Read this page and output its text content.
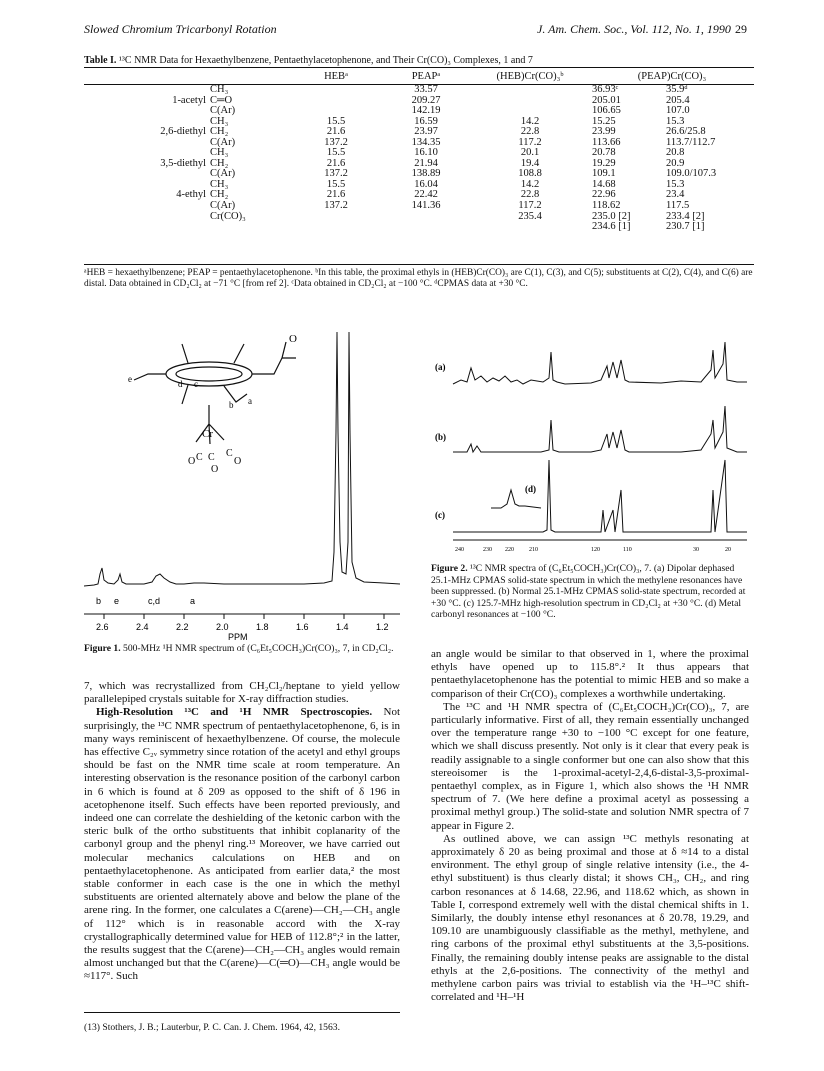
Slowed Chromium Tricarbonyl Rotation	J. Am. Chem. Soc., Vol. 112, No. 1, 1990 29
Table I. ¹³C NMR Data for Hexaethylbenzene, Pentaethylacetophenone, and Their Cr(CO)₃ Complexes, 1 and 7
		HEBᵃ	PEAPᵃ	(HEB)Cr(CO)₃ᵇ	(PEAP)Cr(CO)₃	
	CH₃		33.57		36.93ᶜ	35.9ᵈ
1-acetyl	C═O		209.27		205.01	205.4
	C(Ar)		142.19		106.65	107.0
	CH₃	15.5	16.59	14.2	15.25	15.3
2,6-diethyl	CH₂	21.6	23.97	22.8	23.99	26.6/25.8
	C(Ar)	137.2	134.35	117.2	113.66	113.7/112.7
	CH₃	15.5	16.10	20.1	20.78	20.8
3,5-diethyl	CH₂	21.6	21.94	19.4	19.29	20.9
	C(Ar)	137.2	138.89	108.8	109.1	109.0/107.3
	CH₃	15.5	16.04	14.2	14.68	15.3
4-ethyl	CH₂	21.6	22.42	22.8	22.96	23.4
	C(Ar)	137.2	141.36	117.2	118.62	117.5
	Cr(CO)₃			235.4	235.0 [2]	233.4 [2]
					234.6 [1]	230.7 [1]
ᵃHEB = hexaethylbenzene; PEAP = pentaethylacetophenone. ᵇIn this table, the proximal ethyls in (HEB)Cr(CO)₃ are C(1), C(3), and C(5); substituents at C(2), C(4), and C(6) are distal. Data obtained in CD₂Cl₂ at −71 °C [from ref 2]. ᶜData obtained in CD₂Cl₂ at −100 °C. ᵈCPMAS data at +30 °C.
e	d c
b a
O
Cr
O C C
O
C
O
b e	c,d	a
2.6	2.4	2.2	2.0	1.8	1.6	1.4	1.2
PPM
Figure 1. 500-MHz ¹H NMR spectrum of (C₆Et₅COCH₃)Cr(CO)₃, 7, in CD₂Cl₂.
(a)
(b)
(c)
(d)
240	230 220	210	120	110	30	20
Figure 2. ¹³C NMR spectra of (C₆Et₅COCH₃)Cr(CO)₃, 7. (a) Dipolar dephased 25.1-MHz CPMAS solid-state spectrum in which the methylene resonances have been suppressed. (b) Normal 25.1-MHz CPMAS solid-state spectrum, recorded at +30 °C. (c) 125.7-MHz high-resolution spectrum in CD₂Cl₂ at +30 °C. (d) Metal carbonyl resonances at −100 °C.
7, which was recrystallized from CH₂Cl₂/heptane to yield yellow parallelepiped crystals suitable for X-ray diffraction studies.
High-Resolution ¹³C and ¹H NMR Spectroscopies. Not surprisingly, the ¹³C NMR spectrum of pentaethylacetophenone, 6, is in many ways reminiscent of hexaethylbenzene. Of course, the molecule has effective C₂ᵥ symmetry since rotation of the acetyl and ethyl groups should be fast on the NMR time scale at room temperature. An interesting observation is the resonance position of the carbonyl carbon in 6 which is found at δ 209 as opposed to the shift of δ 196 in acetophenone itself. Such effects have been reported previously, and indeed one can correlate the deshielding of the ketonic carbon with the steric bulk of the ortho substituents that inhibit coplanarity of the carbonyl group and the phenyl ring.¹³ Moreover, we have carried out molecular mechanics calculations on HEB and on pentaethylacetophenone. As anticipated from earlier data,² the most stable conformer in each case is the one in which the methyl substituents are oriented alternately above and below the plane of the arene ring. In the former, one calculates a C(arene)—CH₂—CH₃ angle of 112° which is in reasonable accord with the X-ray crystallographically determined value for HEB of 112.8°;² in the latter, the results suggest that the C(arene)—CH₂—CH₃ angles would remain almost unchanged but that the C(arene)—C(═O)—CH₃ angle would be ≈117°. Such
(13) Stothers, J. B.; Lauterbur, P. C. Can. J. Chem. 1964, 42, 1563.
an angle would be similar to that observed in 1, where the proximal ethyls have opened up to 115.8°.² It thus appears that pentaethylacetophenone has the potential to mimic HEB and so make a comparison of their Cr(CO)₃ complexes a worthwhile undertaking.
The ¹³C and ¹H NMR spectra of (C₆Et₅COCH₃)Cr(CO)₃, 7, are particularly informative. First of all, they remain essentially unchanged over the temperature range +30 to −100 °C except for one feature, which we shall discuss presently. Not only is it clear that every peak is readily assignable to a single conformer but one can also show that this stereoisomer is the 1-proximal-acetyl-2,4,6-distal-3,5-proximal-pentaethyl complex, as in Figure 1, which also shows the ¹H NMR spectrum of 7. (We here define a proximal acetyl as possessing a proximal methyl group.) The solid-state and solution NMR spectra of 7 appear in Figure 2.
As outlined above, we can assign ¹³C methyls resonating at approximately δ 20 as being proximal and those at δ ≈14 to a distal environment. The ethyl group of single relative intensity (i.e., the 4-ethyl substituent) is thus clearly distal; it shows CH₃, CH₂, and ring carbon resonances at δ 14.68, 22.96, and 118.62 which, as shown in Table I, correspond extremely well with the distal chemical shifts in 1. Similarly, the doubly intense ethyl resonances at δ 20.78, 19.29, and 109.10 are unambiguously classifiable as the methyl, methylene, and ring carbons of the proximal ethyl substituents at the 3,5-positions. Finally, the remaining doubly intense peaks are assignable to the distal ethyls at the 2,6-positions. The connectivity of the methyl and methylene carbon pairs was trivial to establish via the ¹H–¹³C shift-correlated and ¹H–¹H
